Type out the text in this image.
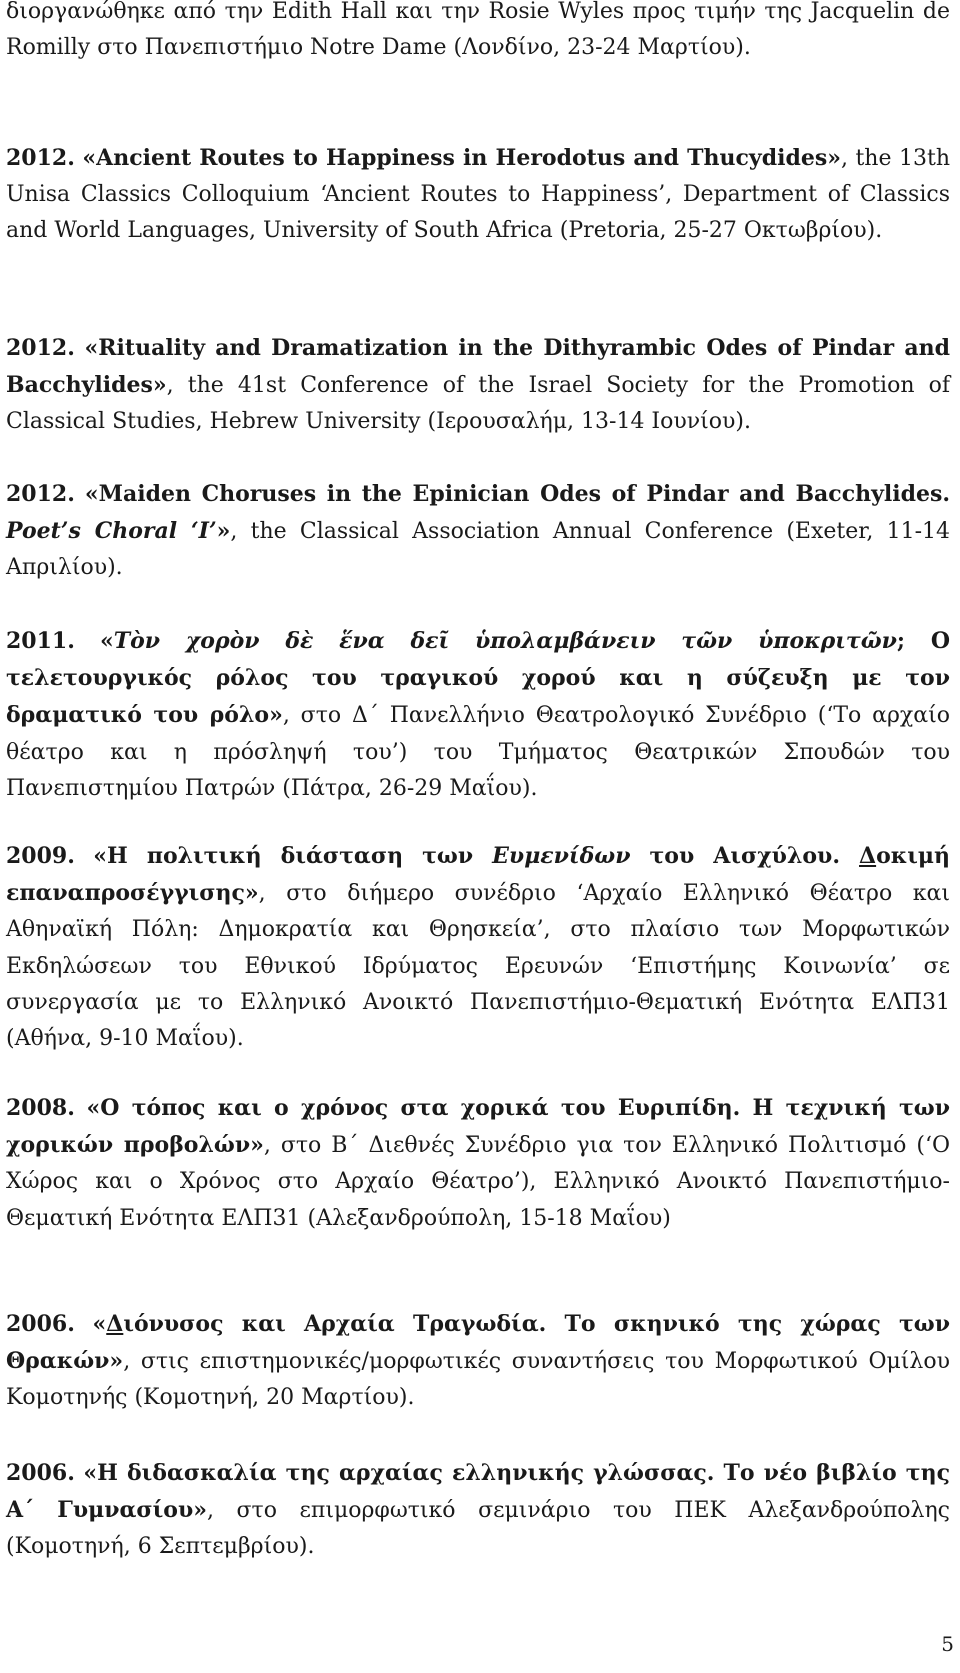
διοργανώθηκε από την Edith Hall και την Rosie Wyles προς τιμήν της Jacquelin de Romilly στο Πανεπιστήμιο Notre Dame (Λονδίνο, 23-24 Μαρτίου).

2012. «Ancient Routes to Happiness in Herodotus and Thucydides», the 13th Unisa Classics Colloquium ‘Ancient Routes to Happiness’, Department of Classics and World Languages, University of South Africa (Pretoria, 25-27 Οκτωβρίου).

2012. «Rituality and Dramatization in the Dithyrambic Odes of Pindar and Bacchylides», the 41st Conference of the Israel Society for the Promotion of Classical Studies, Hebrew University (Ιερουσαλήμ, 13-14 Ιουνίου).

2012. «Maiden Choruses in the Epinician Odes of Pindar and Bacchylides. Poet’s Choral ‘I’», the Classical Association Annual Conference (Exeter, 11-14 Απριλίου).

2011. «Τὸν χορὸν δὲ ἕνα δεῖ ὑπολαμβάνειν τῶν ὑποκριτῶν; Ο τελετουργικός ρόλος του τραγικού χορού και η σύζευξη με τον δραματικό του ρόλο», στο Δ΄ Πανελλήνιο Θεατρολογικό Συνέδριο (‘Το αρχαίο θέατρο και η πρόσληψή του’) του Τμήματος Θεατρικών Σπουδών του Πανεπιστημίου Πατρών (Πάτρα, 26-29 Μαΐου).

2009. «Η πολιτική διάσταση των Ευμενίδων του Αισχύλου. Δοκιμή επαναπροσέγγισης», στο διήμερο συνέδριο ‘Αρχαίο Ελληνικό Θέατρο και Αθηναϊκή Πόλη: Δημοκρατία και Θρησκεία’, στο πλαίσιο των Μορφωτικών Εκδηλώσεων του Εθνικού Ιδρύματος Ερευνών ‘Επιστήμης Κοινωνία’ σε συνεργασία με το Ελληνικό Ανοικτό Πανεπιστήμιο-Θεματική Ενότητα ΕΛΠ31 (Αθήνα, 9-10 Μαΐου).

2008. «Ο τόπος και ο χρόνος στα χορικά του Ευριπίδη. Η τεχνική των χορικών προβολών», στο Β΄ Διεθνές Συνέδριο για τον Ελληνικό Πολιτισμό (‘Ο Χώρος και ο Χρόνος στο Αρχαίο Θέατρο’), Ελληνικό Ανοικτό Πανεπιστήμιο-Θεματική Ενότητα ΕΛΠ31 (Αλεξανδρούπολη, 15-18 Μαΐου)

2006. «Διόνυσος και Αρχαία Τραγωδία. Το σκηνικό της χώρας των Θρακών», στις επιστημονικές/μορφωτικές συναντήσεις του Μορφωτικού Ομίλου Κομοτηνής (Κομοτηνή, 20 Μαρτίου).

2006. «Η διδασκαλία της αρχαίας ελληνικής γλώσσας. Το νέο βιβλίο της Α΄ Γυμνασίου», στο επιμορφωτικό σεμινάριο του ΠΕΚ Αλεξανδρούπολης (Κομοτηνή, 6 Σεπτεμβρίου).

5
